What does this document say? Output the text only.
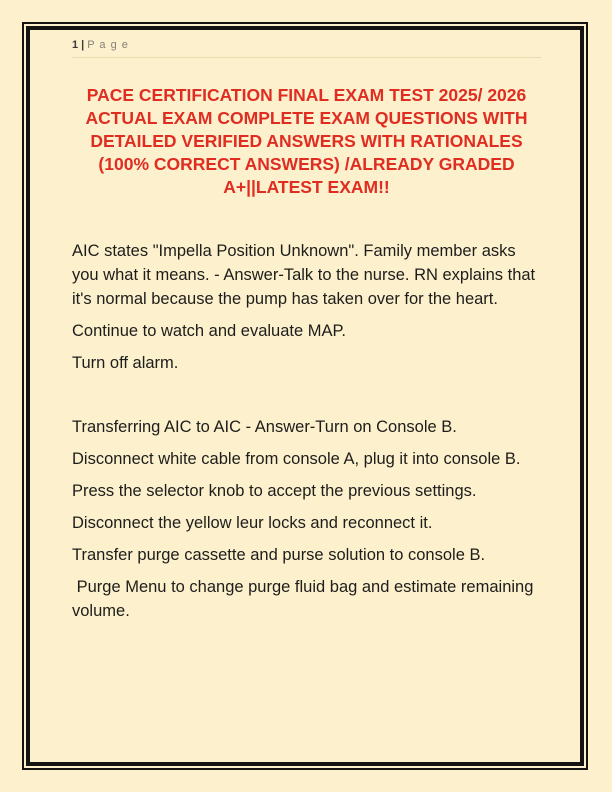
1 | P a g e
PACE CERTIFICATION FINAL EXAM TEST 2025/ 2026
ACTUAL EXAM COMPLETE EXAM QUESTIONS WITH
DETAILED VERIFIED ANSWERS WITH RATIONALES
(100% CORRECT ANSWERS) /ALREADY GRADED
A+||LATEST EXAM!!

AIC states "Impella Position Unknown". Family member asks you what it means. - Answer-Talk to the nurse. RN explains that it's normal because the pump has taken over for the heart.

Continue to watch and evaluate MAP.

Turn off alarm.

Transferring AIC to AIC - Answer-Turn on Console B.

Disconnect white cable from console A, plug it into console B.

Press the selector knob to accept the previous settings.

Disconnect the yellow leur locks and reconnect it.

Transfer purge cassette and purse solution to console B.

Purge Menu to change purge fluid bag and estimate remaining volume.
